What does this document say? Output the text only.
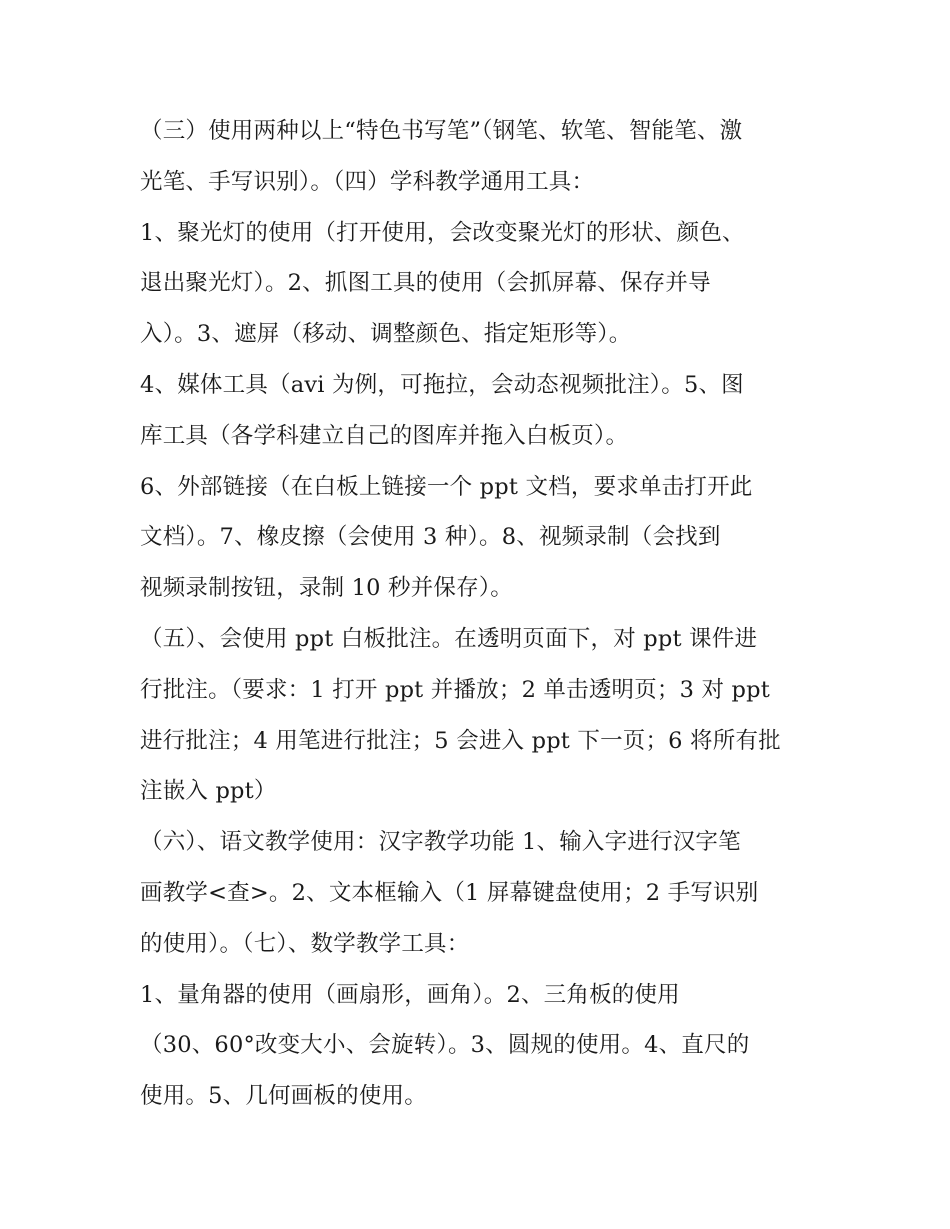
（三）使用两种以上“特色书写笔”（钢笔、软笔、智能笔、激
光笔、手写识别）。（四）学科教学通用工具：
1、聚光灯的使用（打开使用，会改变聚光灯的形状、颜色、
退出聚光灯）。2、抓图工具的使用（会抓屏幕、保存并导
入）。3、遮屏（移动、调整颜色、指定矩形等）。
4、媒体工具（avi 为例，可拖拉，会动态视频批注）。5、图
库工具（各学科建立自己的图库并拖入白板页）。
6、外部链接（在白板上链接一个 ppt 文档，要求单击打开此
文档）。7、橡皮擦（会使用 3 种）。8、视频录制（会找到
视频录制按钮，录制 10 秒并保存）。
（五）、会使用 ppt 白板批注。在透明页面下，对 ppt 课件进
行批注。（要求：1 打开 ppt 并播放；2 单击透明页；3 对 ppt
进行批注；4 用笔进行批注；5 会进入 ppt 下一页；6 将所有批
注嵌入 ppt）
（六）、语文教学使用：汉字教学功能 1、输入字进行汉字笔
画教学<查>。2、文本框输入（1 屏幕键盘使用；2 手写识别
的使用）。（七）、数学教学工具：
1、量角器的使用（画扇形，画角）。2、三角板的使用
（30、60°改变大小、会旋转）。3、圆规的使用。4、直尺的
使用。5、几何画板的使用。
